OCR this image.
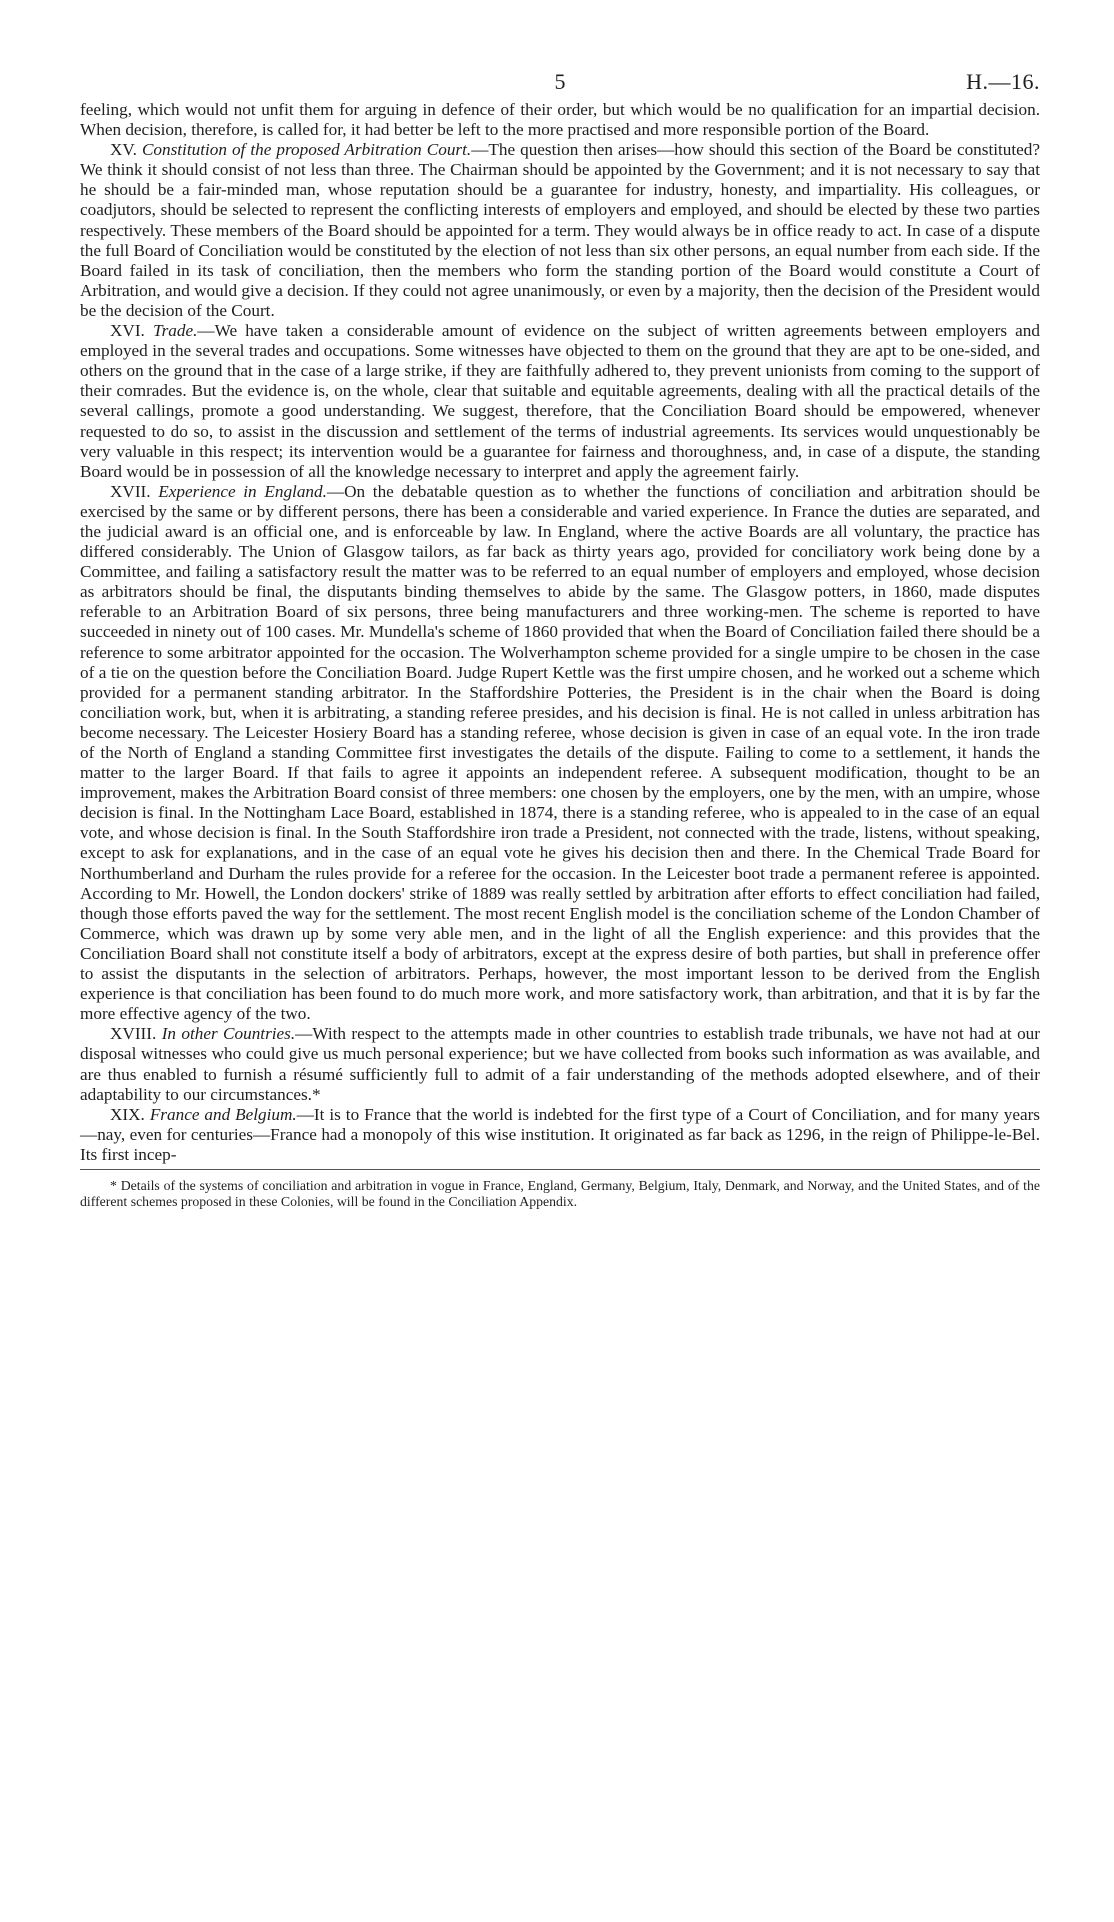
5	H.—16.

feeling, which would not unfit them for arguing in defence of their order, but which would be no qualification for an impartial decision. When decision, therefore, is called for, it had better be left to the more practised and more responsible portion of the Board.

XV. Constitution of the proposed Arbitration Court.—The question then arises—how should this section of the Board be constituted? We think it should consist of not less than three. The Chairman should be appointed by the Government; and it is not necessary to say that he should be a fair-minded man, whose reputation should be a guarantee for industry, honesty, and impartiality. His colleagues, or coadjutors, should be selected to represent the conflicting interests of employers and employed, and should be elected by these two parties respectively. These members of the Board should be appointed for a term. They would always be in office ready to act. In case of a dispute the full Board of Conciliation would be constituted by the election of not less than six other persons, an equal number from each side. If the Board failed in its task of conciliation, then the members who form the standing portion of the Board would constitute a Court of Arbitration, and would give a decision. If they could not agree unanimously, or even by a majority, then the decision of the President would be the decision of the Court.

XVI. Trade.—We have taken a considerable amount of evidence on the subject of written agreements between employers and employed in the several trades and occupations. Some witnesses have objected to them on the ground that they are apt to be one-sided, and others on the ground that in the case of a large strike, if they are faithfully adhered to, they prevent unionists from coming to the support of their comrades. But the evidence is, on the whole, clear that suitable and equitable agreements, dealing with all the practical details of the several callings, promote a good understanding. We suggest, therefore, that the Conciliation Board should be empowered, whenever requested to do so, to assist in the discussion and settlement of the terms of industrial agreements. Its services would unquestionably be very valuable in this respect; its intervention would be a guarantee for fairness and thoroughness, and, in case of a dispute, the standing Board would be in possession of all the knowledge necessary to interpret and apply the agreement fairly.

XVII. Experience in England.—On the debatable question as to whether the functions of conciliation and arbitration should be exercised by the same or by different persons, there has been a considerable and varied experience. In France the duties are separated, and the judicial award is an official one, and is enforceable by law. In England, where the active Boards are all voluntary, the practice has differed considerably. The Union of Glasgow tailors, as far back as thirty years ago, provided for conciliatory work being done by a Committee, and failing a satisfactory result the matter was to be referred to an equal number of employers and employed, whose decision as arbitrators should be final, the disputants binding themselves to abide by the same. The Glasgow potters, in 1860, made disputes referable to an Arbitration Board of six persons, three being manufacturers and three working-men. The scheme is reported to have succeeded in ninety out of 100 cases. Mr. Mundella's scheme of 1860 provided that when the Board of Conciliation failed there should be a reference to some arbitrator appointed for the occasion. The Wolverhampton scheme provided for a single umpire to be chosen in the case of a tie on the question before the Conciliation Board. Judge Rupert Kettle was the first umpire chosen, and he worked out a scheme which provided for a permanent standing arbitrator. In the Staffordshire Potteries, the President is in the chair when the Board is doing conciliation work, but, when it is arbitrating, a standing referee presides, and his decision is final. He is not called in unless arbitration has become necessary. The Leicester Hosiery Board has a standing referee, whose decision is given in case of an equal vote. In the iron trade of the North of England a standing Committee first investigates the details of the dispute. Failing to come to a settlement, it hands the matter to the larger Board. If that fails to agree it appoints an independent referee. A subsequent modification, thought to be an improvement, makes the Arbitration Board consist of three members: one chosen by the employers, one by the men, with an umpire, whose decision is final. In the Nottingham Lace Board, established in 1874, there is a standing referee, who is appealed to in the case of an equal vote, and whose decision is final. In the South Staffordshire iron trade a President, not connected with the trade, listens, without speaking, except to ask for explanations, and in the case of an equal vote he gives his decision then and there. In the Chemical Trade Board for Northumberland and Durham the rules provide for a referee for the occasion. In the Leicester boot trade a permanent referee is appointed. According to Mr. Howell, the London dockers' strike of 1889 was really settled by arbitration after efforts to effect conciliation had failed, though those efforts paved the way for the settlement. The most recent English model is the conciliation scheme of the London Chamber of Commerce, which was drawn up by some very able men, and in the light of all the English experience: and this provides that the Conciliation Board shall not constitute itself a body of arbitrators, except at the express desire of both parties, but shall in preference offer to assist the disputants in the selection of arbitrators. Perhaps, however, the most important lesson to be derived from the English experience is that conciliation has been found to do much more work, and more satisfactory work, than arbitration, and that it is by far the more effective agency of the two.

XVIII. In other Countries.—With respect to the attempts made in other countries to establish trade tribunals, we have not had at our disposal witnesses who could give us much personal experience; but we have collected from books such information as was available, and are thus enabled to furnish a résumé sufficiently full to admit of a fair understanding of the methods adopted elsewhere, and of their adaptability to our circumstances.*

XIX. France and Belgium.—It is to France that the world is indebted for the first type of a Court of Conciliation, and for many years—nay, even for centuries—France had a monopoly of this wise institution. It originated as far back as 1296, in the reign of Philippe-le-Bel. Its first incep-

* Details of the systems of conciliation and arbitration in vogue in France, England, Germany, Belgium, Italy, Denmark, and Norway, and the United States, and of the different schemes proposed in these Colonies, will be found in the Conciliation Appendix.
